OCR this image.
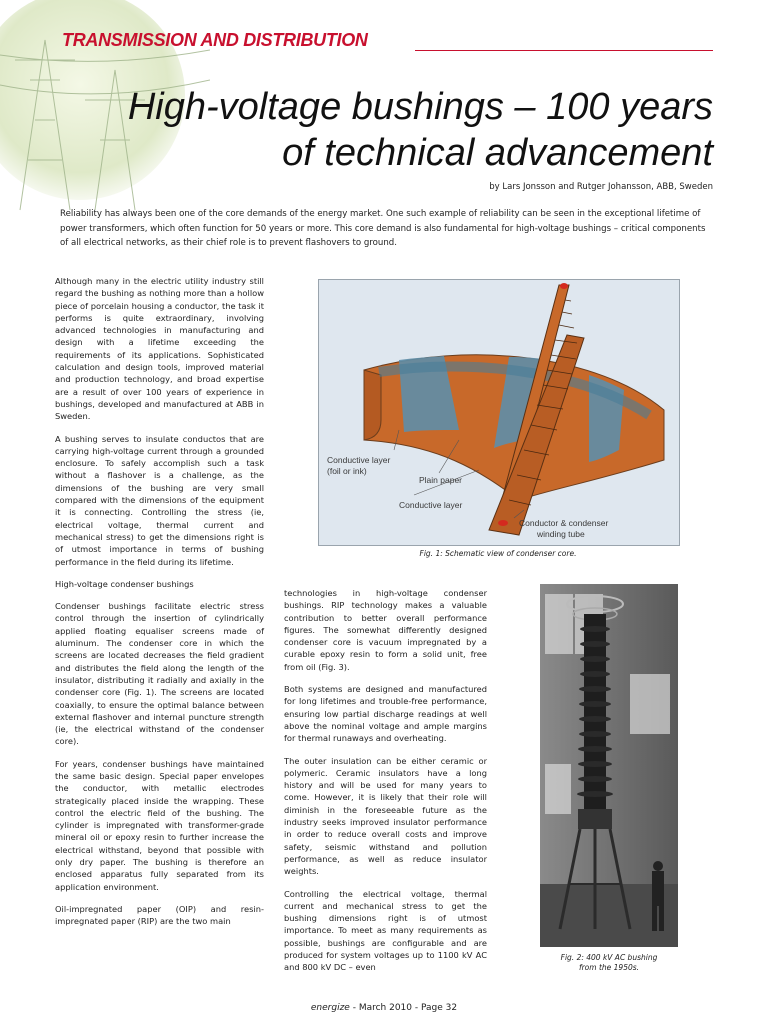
TRANSMISSION AND DISTRIBUTION
High-voltage bushings – 100 years
of technical advancement
by Lars Jonsson and Rutger Johansson, ABB, Sweden
Reliability has always been one of the core demands of the energy market. One such example of reliability can be seen in the exceptional lifetime of power transformers, which often function for 50 years or more. This core demand is also fundamental for high-voltage bushings – critical components of all electrical networks, as their chief role is to prevent flashovers to ground.

Although many in the electric utility industry still regard the bushing as nothing more than a hollow piece of porcelain housing a conductor, the task it performs is quite extraordinary, involving advanced technologies in manufacturing and design with a lifetime exceeding the requirements of its applications. Sophisticated calculation and design tools, improved material and production technology, and broad expertise are a result of over 100 years of experience in bushings, developed and manufactured at ABB in Sweden.

A bushing serves to insulate conductos that are carrying high-voltage current through a grounded enclosure. To safely accomplish such a task without a flashover is a challenge, as the dimensions of the bushing are very small compared with the dimensions of the equipment it is connecting. Controlling the stress (ie, electrical voltage, thermal current and mechanical stress) to get the dimensions right is of utmost importance in terms of bushing performance in the field during its lifetime.

High-voltage condenser bushings

Condenser bushings facilitate electric stress control through the insertion of cylindrically applied floating equaliser screens made of aluminum. The condenser core in which the screens are located decreases the field gradient and distributes the field along the length of the insulator, distributing it radially and axially in the condenser core (Fig. 1). The screens are located coaxially, to ensure the optimal balance between external flashover and internal puncture strength (ie, the electrical withstand of the condenser core).

For years, condenser bushings have maintained the same basic design. Special paper envelopes the conductor, with metallic electrodes strategically placed inside the wrapping. These control the electric field of the bushing. The cylinder is impregnated with transformer-grade mineral oil or epoxy resin to further increase the electrical withstand, beyond that possible with only dry paper. The bushing is therefore an enclosed apparatus fully separated from its application environment.

Oil-impregnated paper (OIP) and resin-impregnated paper (RIP) are the two main

Conductive layer
(foil or ink)
Plain paper
Conductive layer
Conductor & condenser
winding tube
Fig. 1: Schematic view of condenser core.

technologies in high-voltage condenser bushings. RIP technology makes a valuable contribution to better overall performance figures. The somewhat differently designed condenser core is vacuum impregnated by a curable epoxy resin to form a solid unit, free from oil (Fig. 3).

Both systems are designed and manufactured for long lifetimes and trouble-free performance, ensuring low partial discharge readings at well above the nominal voltage and ample margins for thermal runaways and overheating.

The outer insulation can be either ceramic or polymeric. Ceramic insulators have a long history and will be used for many years to come. However, it is likely that their role will diminish in the foreseeable future as the industry seeks improved insulator performance in order to reduce overall costs and improve safety, seismic withstand and pollution performance, as well as reduce insulator weights.

Controlling the electrical voltage, thermal current and mechanical stress to get the bushing dimensions right is of utmost importance. To meet as many requirements as possible, bushings are configurable and are produced for system voltages up to 1100 kV AC and 800 kV DC – even

Fig. 2: 400 kV AC bushing
from the 1950s.
energize - March 2010 - Page 32
